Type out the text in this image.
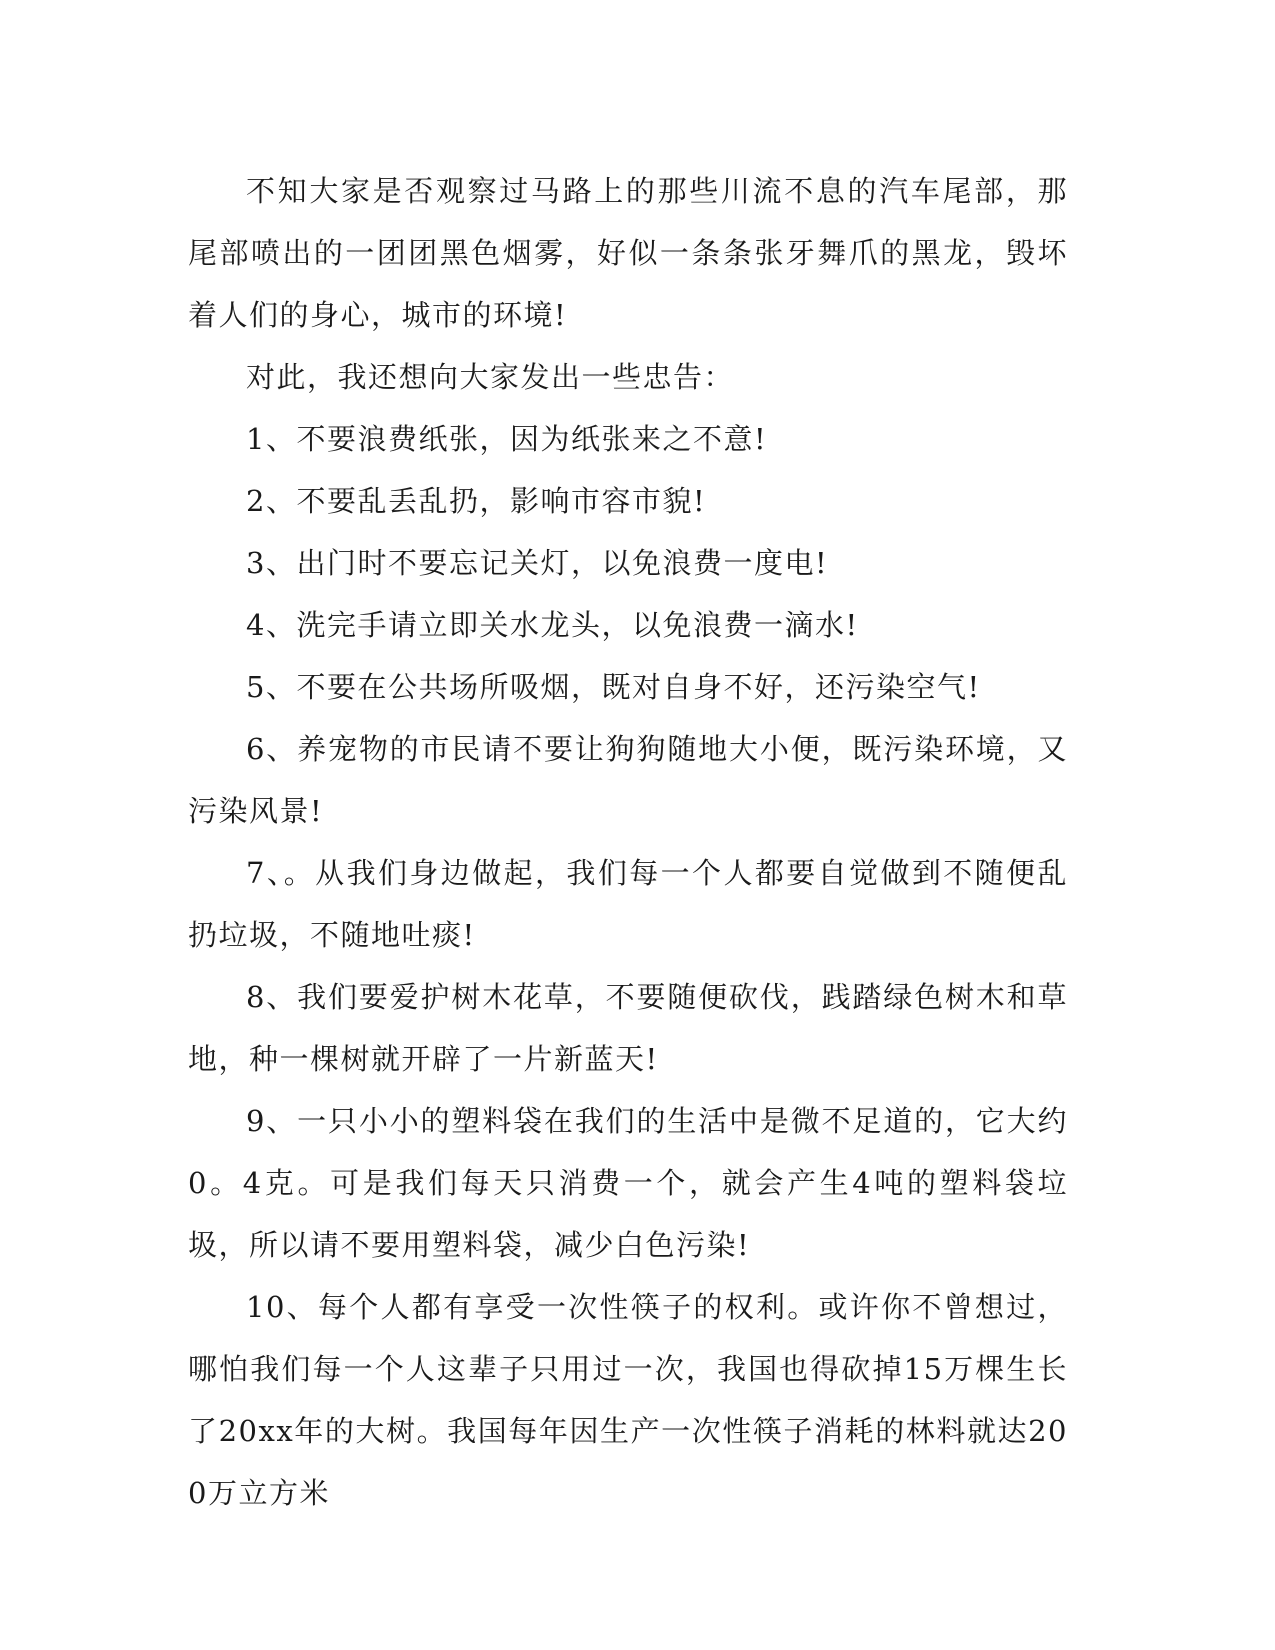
不知大家是否观察过马路上的那些川流不息的汽车尾部，那尾部喷出的一团团黑色烟雾，好似一条条张牙舞爪的黑龙，毁坏着人们的身心，城市的环境!

对此，我还想向大家发出一些忠告：

1、不要浪费纸张，因为纸张来之不意!

2、不要乱丢乱扔，影响市容市貌!

3、出门时不要忘记关灯，以免浪费一度电!

4、洗完手请立即关水龙头，以免浪费一滴水!

5、不要在公共场所吸烟，既对自身不好，还污染空气!

6、养宠物的市民请不要让狗狗随地大小便，既污染环境，又污染风景!

7、。从我们身边做起，我们每一个人都要自觉做到不随便乱扔垃圾，不随地吐痰!

8、我们要爱护树木花草，不要随便砍伐，践踏绿色树木和草地，种一棵树就开辟了一片新蓝天!

9、一只小小的塑料袋在我们的生活中是微不足道的，它大约0。4克。可是我们每天只消费一个，就会产生4吨的塑料袋垃圾，所以请不要用塑料袋，减少白色污染!

10、每个人都有享受一次性筷子的权利。或许你不曾想过，哪怕我们每一个人这辈子只用过一次，我国也得砍掉15万棵生长了20xx年的大树。我国每年因生产一次性筷子消耗的林料就达200万立方米
